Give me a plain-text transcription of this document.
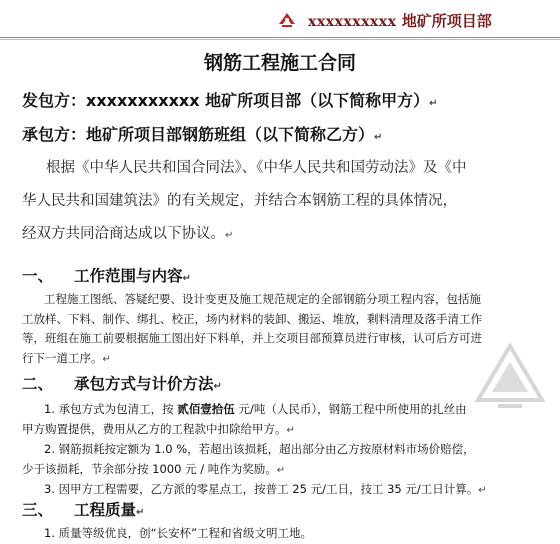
xxxxxxxxxx 地矿所项目部
钢筋工程施工合同
发包方：xxxxxxxxxxx 地矿所项目部（以下简称甲方）↵
承包方：地矿所项目部钢筋班组（以下简称乙方）↵

根据《中华人民共和国合同法》、《中华人民共和国劳动法》及《中

华人民共和国建筑法》的有关规定，并结合本钢筋工程的具体情况，

经双方共同洽商达成以下协议。↵

一、 工作范围与内容↵

工程施工图纸、答疑纪要、设计变更及施工规范规定的全部钢筋分项工程内容，包括施

工放样、下料、制作、绑扎、校正，场内材料的装卸、搬运、堆放，剩料清理及落手清工作

等，班组在施工前要根据施工图出好下料单，并上交项目部预算员进行审核，认可后方可进

行下一道工序。↵

二、 承包方式与计价方法↵

1. 承包方式为包清工，按 贰佰壹拾伍 元/吨（人民币），钢筋工程中所使用的扎丝由

甲方购置提供，费用从乙方的工程款中扣除给甲方。↵

2. 钢筋损耗按定额为 1.0 %，若超出该损耗，超出部分由乙方按原材料市场价赔偿，

少于该损耗，节余部分按 1000 元 / 吨作为奖励。↵

3. 因甲方工程需要，乙方派的零星点工，按普工 25 元/工日，技工 35 元/工日计算。↵

三、 工程质量↵

1. 质量等级优良，创“长安杯”工程和省级文明工地。
